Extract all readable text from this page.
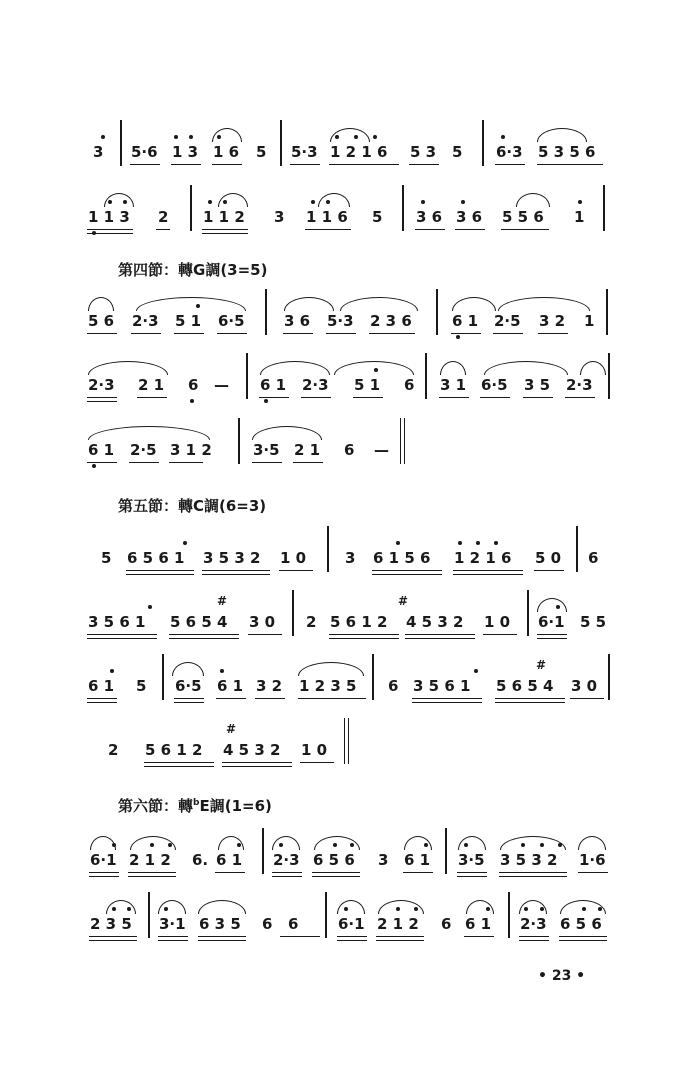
3 5·6 1 3 1 6 5 5·3 1 2 1 6 5 3 5 6·3 5 3 5 6
1 1 3 2 1 1 2 3 1 1 6 5 3 6 3 6 5 5 6 1
第四節：轉G調(3=5)
5 6 2·3 5 1 6·5	3 6 5·3 2 3 6	6 1 2·5 3 2 1
2·3 2 1 6 — 6 1 2·3 5 1 6 3 1 6·5 3 5 2·3
6 1 2·5 3 1 2	3·5 2 1 6 —
第五節：轉C調(6=3)
5 6 5 6 1 3 5 3 2 1 0	3 6 1 5 6 1 2 1 6 5 0 6
3 5 6 1 5 6 5 4 3 0
#
2 5 6 1 2 4 5 3 2 1 0
#
6·1 5 5
6 1 5 6·5 6 1 3 2 1 2 3 5 6 3 5 6 1 5 6 5 4 3 0
#
2 5 6 1 2 4 5 3 2 1 0
#
第六節：轉$^b$E調(1=6)
6·1 2 1 2 6. 6 1 2·3 6 5 6 3 6 1 3·5 3 5 3 2 1·6
2 3 5 3·1 6 3 5 6 6	6·1 2 1 2 6 6 1 2·3 6 5 6
• 23 •
